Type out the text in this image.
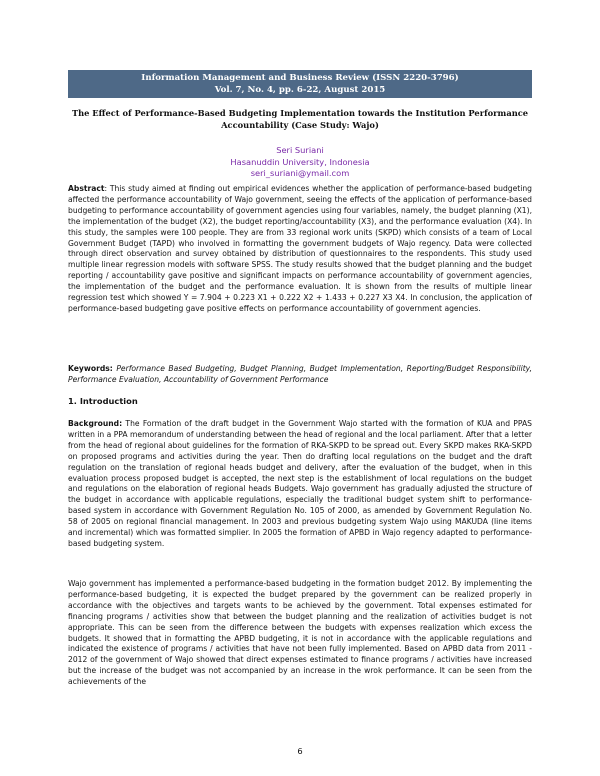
Information Management and Business Review (ISSN 2220-3796)
Vol. 7, No. 4, pp. 6-22, August 2015
The Effect of Performance-Based Budgeting Implementation towards the Institution Performance
Accountability (Case Study: Wajo)
Seri Suriani
Hasanuddin University, Indonesia
seri_suriani@ymail.com
Abstract: This study aimed at finding out empirical evidences whether the application of performance-based budgeting affected the performance accountability of Wajo government, seeing the effects of the application of performance-based budgeting to performance accountability of government agencies using four variables, namely, the budget planning (X1), the implementation of the budget (X2), the budget reporting/accountability (X3), and the performance evaluation (X4). In this study, the samples were 100 people. They are from 33 regional work units (SKPD) which consists of a team of Local Government Budget (TAPD) who involved in formatting the government budgets of Wajo regency. Data were collected through direct observation and survey obtained by distribution of questionnaires to the respondents. This study used multiple linear regression models with software SPSS. The study results showed that the budget planning and the budget reporting / accountability gave positive and significant impacts on performance accountability of government agencies, the implementation of the budget and the performance evaluation. It is shown from the results of multiple linear regression test which showed Y = 7.904 + 0.223 X1 + 0.222 X2 + 1.433 + 0.227 X3 X4. In conclusion, the application of performance-based budgeting gave positive effects on performance accountability of government agencies.
Keywords: Performance Based Budgeting, Budget Planning, Budget Implementation, Reporting/Budget Responsibility, Performance Evaluation, Accountability of Government Performance
1. Introduction
Background: The Formation of the draft budget in the Government Wajo started with the formation of KUA and PPAS written in a PPA memorandum of understanding between the head of regional and the local parliament. After that a letter from the head of regional about guidelines for the formation of RKA-SKPD to be spread out. Every SKPD makes RKA-SKPD on proposed programs and activities during the year. Then do drafting local regulations on the budget and the draft regulation on the translation of regional heads budget and delivery, after the evaluation of the budget, when in this evaluation process proposed budget is accepted, the next step is the establishment of local regulations on the budget and regulations on the elaboration of regional heads Budgets. Wajo government has gradually adjusted the structure of the budget in accordance with applicable regulations, especially the traditional budget system shift to performance-based system in accordance with Government Regulation No. 105 of 2000, as amended by Government Regulation No. 58 of 2005 on regional financial management. In 2003 and previous budgeting system Wajo using MAKUDA (line items and incremental) which was formatted simplier. In 2005 the formation of APBD in Wajo regency adapted to performance-based budgeting system.
Wajo government has implemented a performance-based budgeting in the formation budget 2012. By implementing the performance-based budgeting, it is expected the budget prepared by the government can be realized properly in accordance with the objectives and targets wants to be achieved by the government. Total expenses estimated for financing programs / activities show that between the budget planning and the realization of activities budget is not appropriate. This can be seen from the difference between the budgets with expenses realization which excess the budgets. It showed that in formatting the APBD budgeting, it is not in accordance with the applicable regulations and indicated the existence of programs / activities that have not been fully implemented. Based on APBD data from 2011 - 2012 of the government of Wajo showed that direct expenses estimated to finance programs / activities have increased but the increase of the budget was not accompanied by an increase in the wrok performance. It can be seen from the achievements of the
6
